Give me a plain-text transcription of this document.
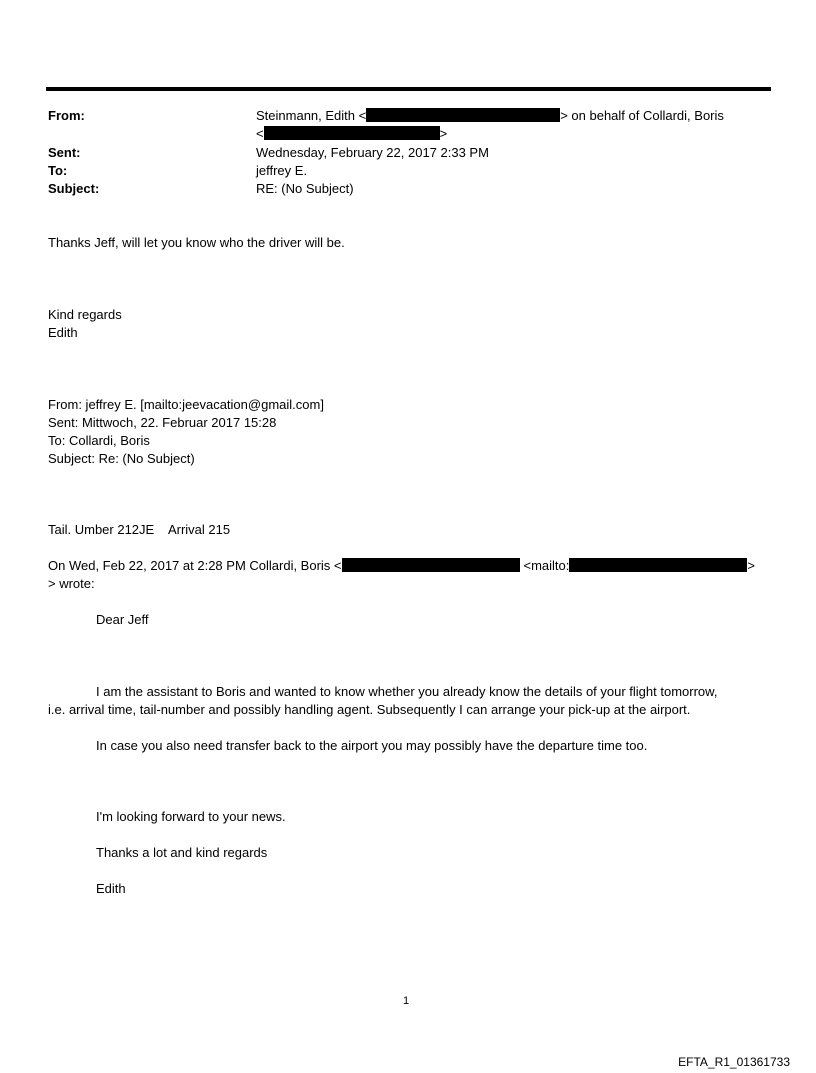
From:	Steinmann, Edith <	> on behalf of Collardi, Boris
<	>
Sent:	Wednesday, February 22, 2017 2:33 PM
To:	jeffrey E.
Subject:	RE: (No Subject)
Thanks Jeff, will let you know who the driver will be.
Kind regards
Edith
From: jeffrey E. [mailto:jeevacation@gmail.com]
Sent: Mittwoch, 22. Februar 2017 15:28
To: Collardi, Boris
Subject: Re: (No Subject)
Tail. Umber 212JE    Arrival 215
On Wed, Feb 22, 2017 at 2:28 PM Collardi, Boris <	<mailto:	>
> wrote:
Dear Jeff
I am the assistant to Boris and wanted to know whether you already know the details of your flight tomorrow,
i.e. arrival time, tail-number and possibly handling agent. Subsequently I can arrange your pick-up at the airport.
In case you also need transfer back to the airport you may possibly have the departure time too.
I'm looking forward to your news.
Thanks a lot and kind regards
Edith
1
EFTA_R1_01361733
